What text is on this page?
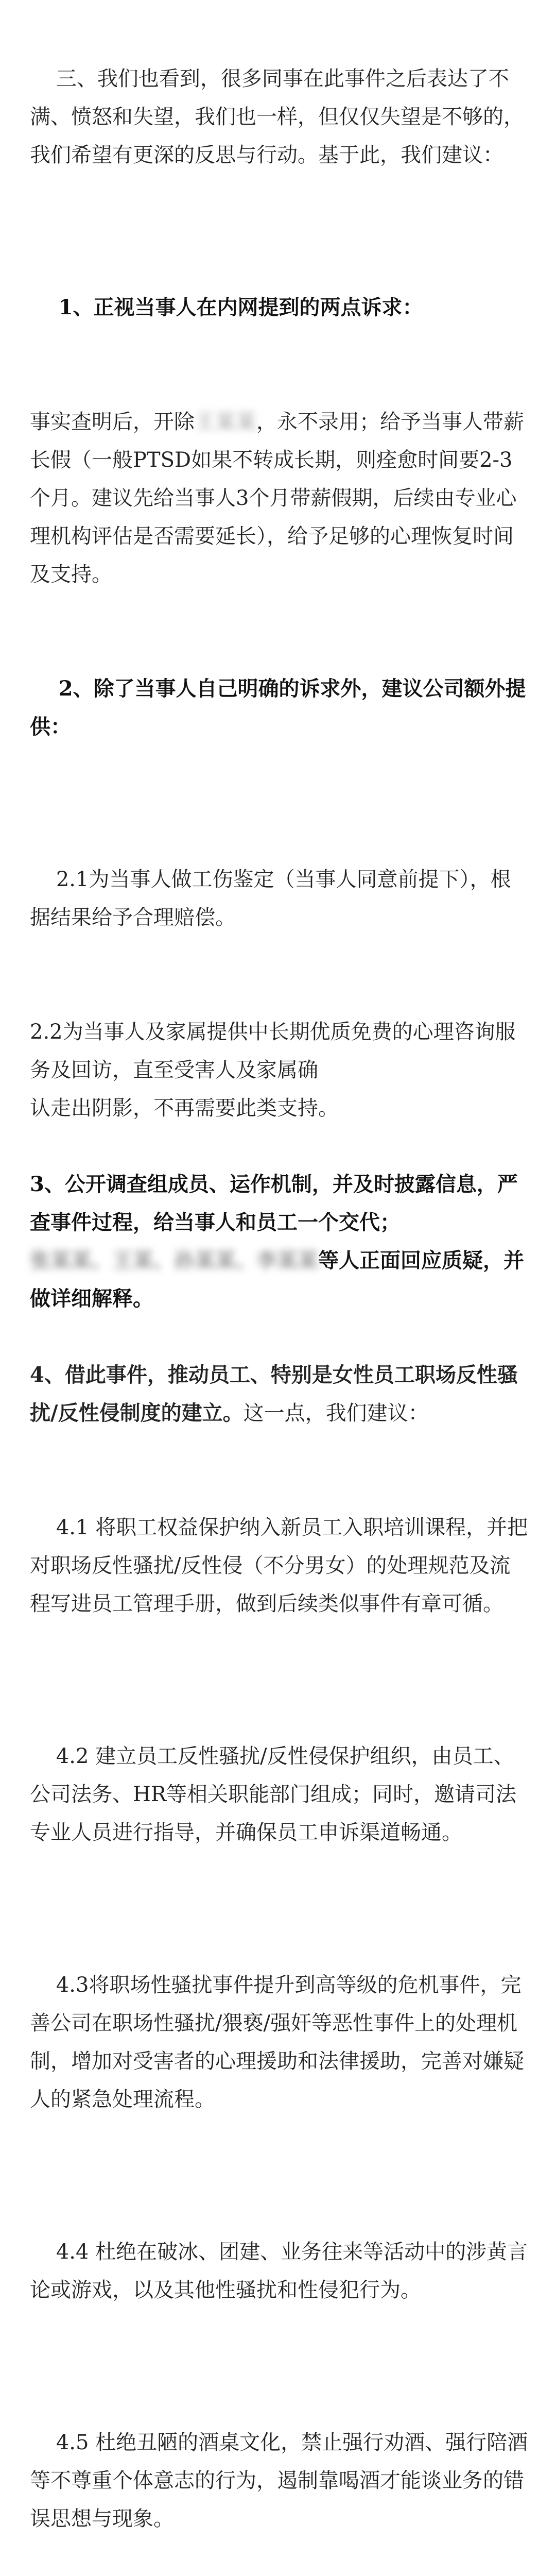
三、我们也看到，很多同事在此事件之后表达了不满、愤怒和失望，我们也一样，但仅仅失望是不够的，我们希望有更深的反思与行动。基于此，我们建议：

1、正视当事人在内网提到的两点诉求：

事实查明后，开除王某某，永不录用；给予当事人带薪长假（一般PTSD如果不转成长期，则痊愈时间要2-3个月。建议先给当事人3个月带薪假期，后续由专业心理机构评估是否需要延长），给予足够的心理恢复时间及支持。

2、除了当事人自己明确的诉求外，建议公司额外提供：

2.1为当事人做工伤鉴定（当事人同意前提下），根据结果给予合理赔偿。

2.2为当事人及家属提供中长期优质免费的心理咨询服务及回访，直至受害人及家属确
认走出阴影，不再需要此类支持。

3、公开调查组成员、运作机制，并及时披露信息，严查事件过程，给当事人和员工一个交代；张某某、王某、孙某某、李某某等人正面回应质疑，并做详细解释。

4、借此事件，推动员工、特别是女性员工职场反性骚扰/反性侵制度的建立。这一点，我们建议：

4.1 将职工权益保护纳入新员工入职培训课程，并把对职场反性骚扰/反性侵（不分男女）的处理规范及流程写进员工管理手册，做到后续类似事件有章可循。

4.2 建立员工反性骚扰/反性侵保护组织，由员工、公司法务、HR等相关职能部门组成；同时，邀请司法专业人员进行指导，并确保员工申诉渠道畅通。

4.3将职场性骚扰事件提升到高等级的危机事件，完善公司在职场性骚扰/猥亵/强奸等恶性事件上的处理机制，增加对受害者的心理援助和法律援助，完善对嫌疑人的紧急处理流程。

4.4 杜绝在破冰、团建、业务往来等活动中的涉黄言论或游戏，以及其他性骚扰和性侵犯行为。

4.5 杜绝丑陋的酒桌文化，禁止强行劝酒、强行陪酒等不尊重个体意志的行为，遏制靠喝酒才能谈业务的错误思想与现象。
